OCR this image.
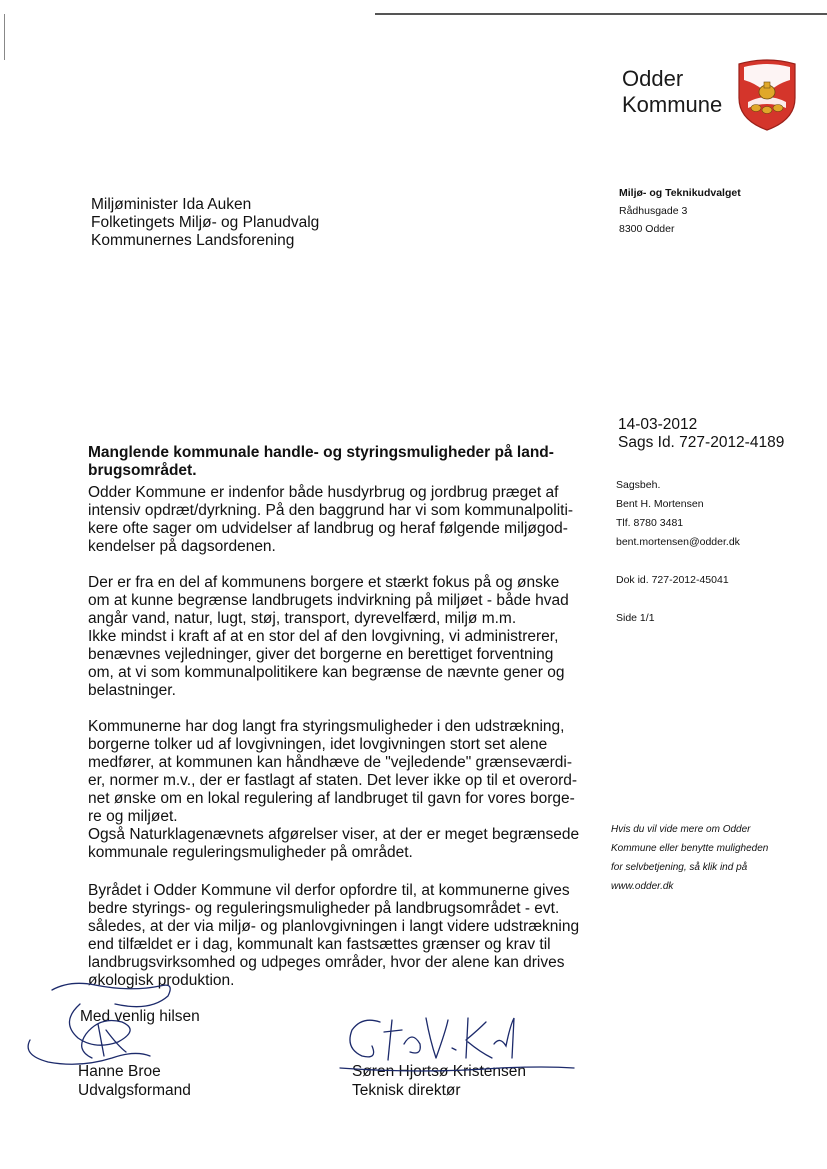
Odder
Kommune
Miljø- og Teknikudvalget
Rådhusgade 3
8300 Odder
Miljøminister Ida Auken
Folketingets Miljø- og Planudvalg
Kommunernes Landsforening
14-03-2012
Sags Id. 727-2012-4189
Sagsbeh.
Bent H. Mortensen
Tlf. 8780 3481
bent.mortensen@odder.dk
Dok id. 727-2012-45041
Side 1/1
Manglende kommunale handle- og styringsmuligheder på land-
brugsområdet.
Odder Kommune er indenfor både husdyrbrug og jordbrug præget af
intensiv opdræt/dyrkning. På den baggrund har vi som kommunalpoliti-
kere ofte sager om udvidelser af landbrug og heraf følgende miljøgod-
kendelser på dagsordenen.
Der er fra en del af kommunens borgere et stærkt fokus på og ønske
om at kunne begrænse landbrugets indvirkning på miljøet - både hvad
angår vand, natur, lugt, støj, transport, dyrevelfærd, miljø m.m.
Ikke mindst i kraft af at en stor del af den lovgivning, vi administrerer,
benævnes vejledninger, giver det borgerne en berettiget forventning
om, at vi som kommunalpolitikere kan begrænse de nævnte gener og
belastninger.
Kommunerne har dog langt fra styringsmuligheder i den udstrækning,
borgerne tolker ud af lovgivningen, idet lovgivningen stort set alene
medfører, at kommunen kan håndhæve de "vejledende" grænseværdi-
er, normer m.v., der er fastlagt af staten. Det lever ikke op til et overord-
net ønske om en lokal regulering af landbruget til gavn for vores borge-
re og miljøet.
Også Naturklagenævnets afgørelser viser, at der er meget begrænsede
kommunale reguleringsmuligheder på området.
Byrådet i Odder Kommune vil derfor opfordre til, at kommunerne gives
bedre styrings- og reguleringsmuligheder på landbrugsområdet - evt.
således, at der via miljø- og planlovgivningen i langt videre udstrækning
end tilfældet er i dag, kommunalt kan fastsættes grænser og krav til
landbrugsvirksomhed og udpeges områder, hvor der alene kan drives
økologisk produktion.
Hvis du vil vide mere om Odder
Kommune eller benytte muligheden
for selvbetjening, så klik ind på
www.odder.dk
Med venlig hilsen
Hanne Broe
Udvalgsformand
Søren Hjortsø Kristensen
Teknisk direktør
